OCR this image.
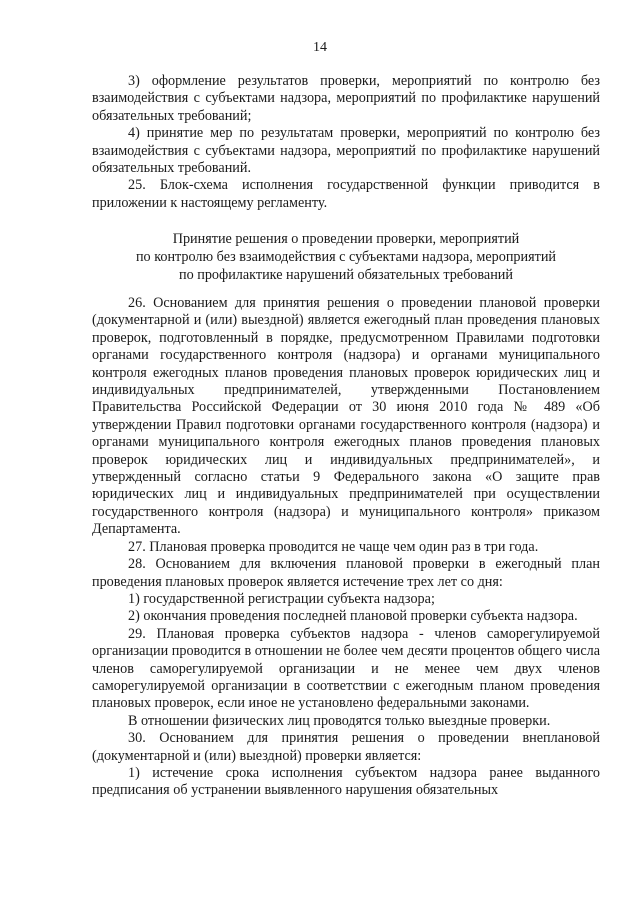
14

3) оформление результатов проверки, мероприятий по контролю без взаимодействия с субъектами надзора, мероприятий по профилактике нарушений обязательных требований;

4) принятие мер по результатам проверки, мероприятий по контролю без взаимодействия с субъектами надзора, мероприятий по профилактике нарушений обязательных требований.

25. Блок-схема исполнения государственной функции приводится в приложении к настоящему регламенту.

Принятие решения о проведении проверки, мероприятий
по контролю без взаимодействия с субъектами надзора, мероприятий
по профилактике нарушений обязательных требований

26. Основанием для принятия решения о проведении плановой проверки (документарной и (или) выездной) является ежегодный план проведения плановых проверок, подготовленный в порядке, предусмотренном Правилами подготовки органами государственного контроля (надзора) и органами муниципального контроля ежегодных планов проведения плановых проверок юридических лиц и индивидуальных предпринимателей, утвержденными Постановлением Правительства Российской Федерации от 30 июня 2010 года № 489 «Об утверждении Правил подготовки органами государственного контроля (надзора) и органами муниципального контроля ежегодных планов проведения плановых проверок юридических лиц и индивидуальных предпринимателей», и утвержденный согласно статьи 9 Федерального закона «О защите прав юридических лиц и индивидуальных предпринимателей при осуществлении государственного контроля (надзора) и муниципального контроля» приказом Департамента.

27. Плановая проверка проводится не чаще чем один раз в три года.

28. Основанием для включения плановой проверки в ежегодный план проведения плановых проверок является истечение трех лет со дня:

1) государственной регистрации субъекта надзора;

2) окончания проведения последней плановой проверки субъекта надзора.

29. Плановая проверка субъектов надзора - членов саморегулируемой организации проводится в отношении не более чем десяти процентов общего числа членов саморегулируемой организации и не менее чем двух членов саморегулируемой организации в соответствии с ежегодным планом проведения плановых проверок, если иное не установлено федеральными законами.

В отношении физических лиц проводятся только выездные проверки.

30. Основанием для принятия решения о проведении внеплановой (документарной и (или) выездной) проверки является:

1) истечение срока исполнения субъектом надзора ранее выданного предписания об устранении выявленного нарушения обязательных
